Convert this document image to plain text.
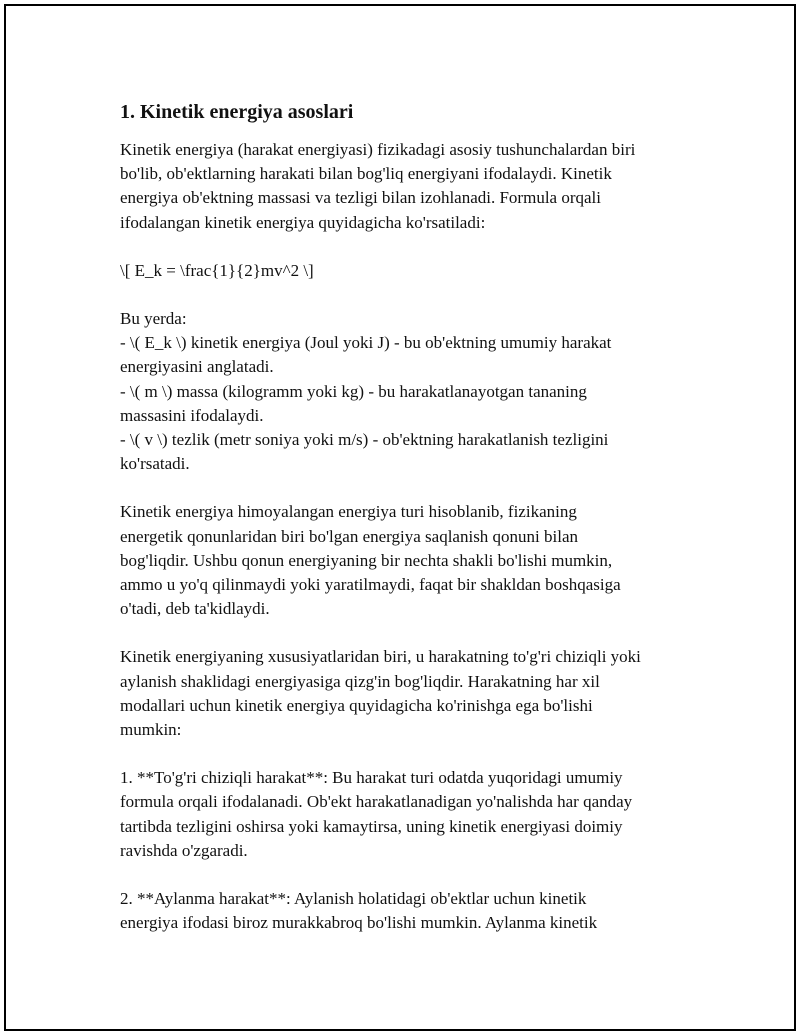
1. Kinetik energiya asoslari
Kinetik energiya (harakat energiyasi) fizikadagi asosiy tushunchalardan biri
bo'lib, ob'ektlarning harakati bilan bog'liq energiyani ifodalaydi. Kinetik
energiya ob'ektning massasi va tezligi bilan izohlanadi. Formula orqali
ifodalangan kinetik energiya quyidagicha ko'rsatiladi:
\[ E_k = \frac{1}{2}mv^2 \]
Bu yerda:
- \( E_k \) kinetik energiya (Joul yoki J) - bu ob'ektning umumiy harakat
energiyasini anglatadi.
- \( m \) massa (kilogramm yoki kg) - bu harakatlanayotgan tananing
massasini ifodalaydi.
- \( v \) tezlik (metr soniya yoki m/s) - ob'ektning harakatlanish tezligini
ko'rsatadi.
Kinetik energiya himoyalangan energiya turi hisoblanib, fizikaning
energetik qonunlaridan biri bo'lgan energiya saqlanish qonuni bilan
bog'liqdir. Ushbu qonun energiyaning bir nechta shakli bo'lishi mumkin,
ammo u yo'q qilinmaydi yoki yaratilmaydi, faqat bir shakldan boshqasiga
o'tadi, deb ta'kidlaydi.
Kinetik energiyaning xususiyatlaridan biri, u harakatning to'g'ri chiziqli yoki
aylanish shaklidagi energiyasiga qizg'in bog'liqdir. Harakatning har xil
modallari uchun kinetik energiya quyidagicha ko'rinishga ega bo'lishi
mumkin:
1. **To'g'ri chiziqli harakat**: Bu harakat turi odatda yuqoridagi umumiy
formula orqali ifodalanadi. Ob'ekt harakatlanadigan yo'nalishda har qanday
tartibda tezligini oshirsa yoki kamaytirsa, uning kinetik energiyasi doimiy
ravishda o'zgaradi.
2. **Aylanma harakat**: Aylanish holatidagi ob'ektlar uchun kinetik
energiya ifodasi biroz murakkabroq bo'lishi mumkin. Aylanma kinetik
